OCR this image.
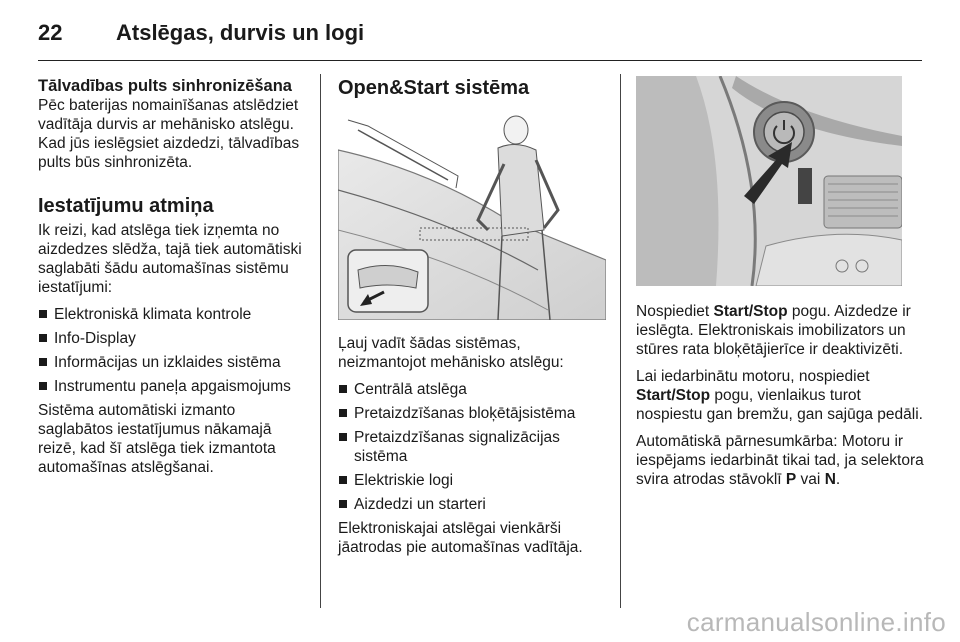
22 Atslēgas, durvis un logi

Tālvadības pults sinhronizēšana

Pēc baterijas nomainīšanas atslēdziet vadītāja durvis ar mehānisko atslēgu. Kad jūs ieslēgsiet aizdedzi, tālvadības pults būs sinhronizēta.

Iestatījumu atmiņa

Ik reizi, kad atslēga tiek izņemta no aizdedzes slēdža, tajā tiek automātiski saglabāti šādu automašīnas sistēmu iestatījumi:

Elektroniskā klimata kontrole
Info-Display
Informācijas un izklaides sistēma
Instrumentu paneļa apgaismojums

Sistēma automātiski izmanto saglabātos iestatījumus nākamajā reizē, kad šī atslēga tiek izmantota automašīnas atslēgšanai.

Open&Start sistēma

Ļauj vadīt šādas sistēmas, neizmantojot mehānisko atslēgu:

Centrālā atslēga
Pretaizdzīšanas bloķētājsistēma
Pretaizdzīšanas signalizācijas sistēma
Elektriskie logi
Aizdedzi un starteri

Elektroniskajai atslēgai vienkārši jāatrodas pie automašīnas vadītāja.

Nospiediet Start/Stop pogu. Aizdedze ir ieslēgta. Elektroniskais imobilizators un stūres rata bloķētājierīce ir deaktivizēti.

Lai iedarbinātu motoru, nospiediet Start/Stop pogu, vienlaikus turot nospiestu gan bremžu, gan sajūga pedāli.

Automātiskā pārnesumkārba: Motoru ir iespējams iedarbināt tikai tad, ja selektora svira atrodas stāvoklī P vai N.

carmanualsonline.info
